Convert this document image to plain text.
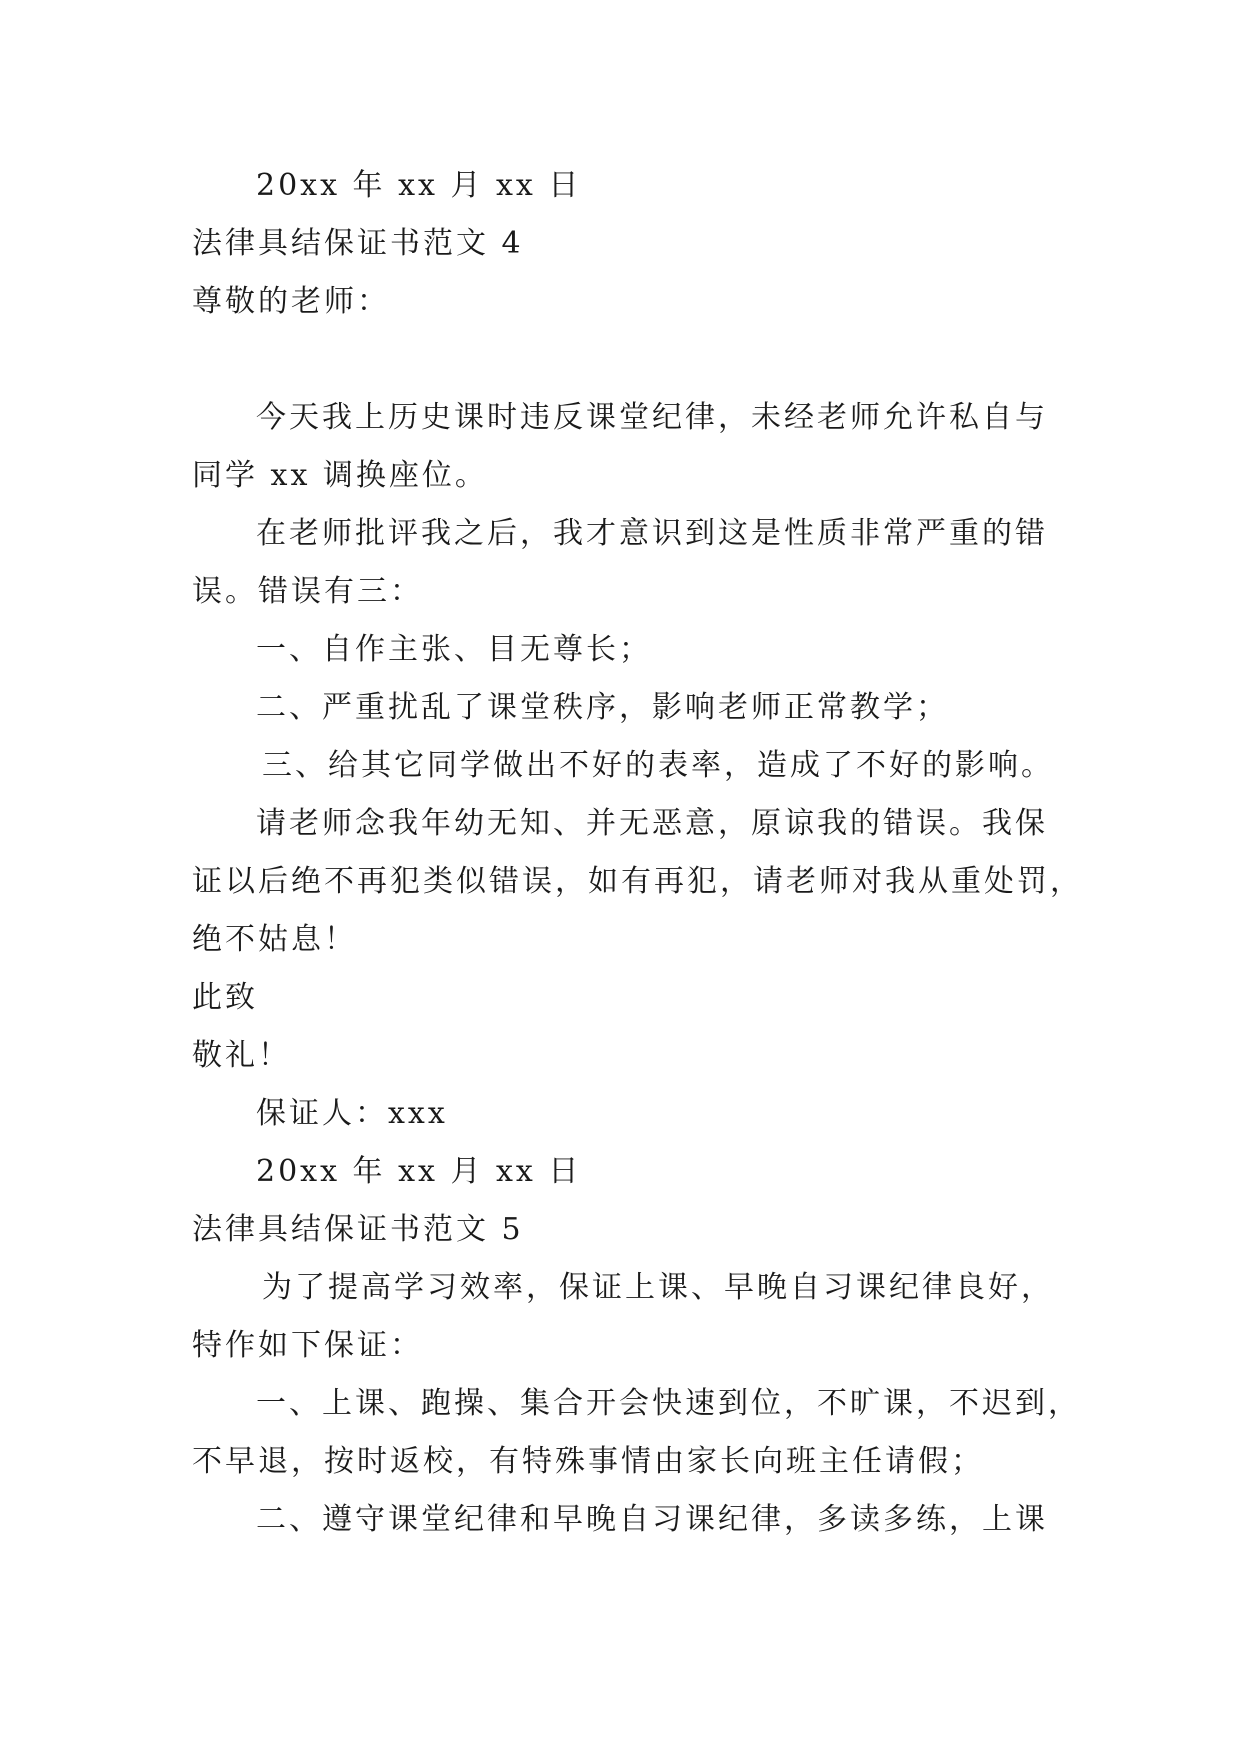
20xx 年 xx 月 xx 日
法律具结保证书范文 4
尊敬的老师：
今天我上历史课时违反课堂纪律，未经老师允许私自与
同学 xx 调换座位。
在老师批评我之后，我才意识到这是性质非常严重的错
误。错误有三：
一、自作主张、目无尊长；
二、严重扰乱了课堂秩序，影响老师正常教学；
三、给其它同学做出不好的表率，造成了不好的影响。
请老师念我年幼无知、并无恶意，原谅我的错误。我保
证以后绝不再犯类似错误，如有再犯，请老师对我从重处罚，
绝不姑息！
此致
敬礼！
保证人：xxx
20xx 年 xx 月 xx 日
法律具结保证书范文 5
为了提高学习效率，保证上课、早晚自习课纪律良好，
特作如下保证：
一、上课、跑操、集合开会快速到位，不旷课，不迟到，
不早退，按时返校，有特殊事情由家长向班主任请假；
二、遵守课堂纪律和早晚自习课纪律，多读多练，上课
